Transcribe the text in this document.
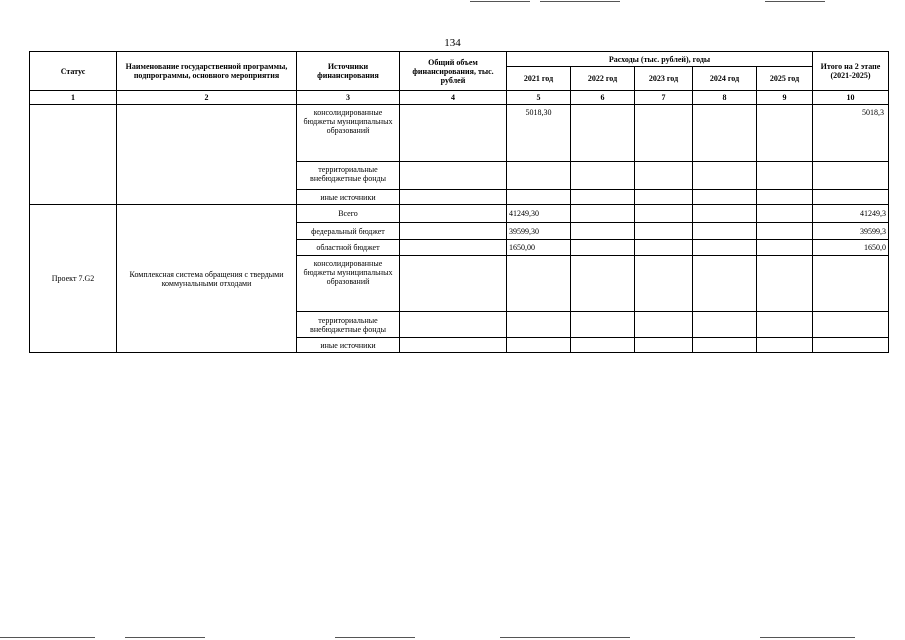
134
Статус	Наименование государственной программы, подпрограммы, основного мероприятия	Источники финансирования	Общий объем финансирования, тыс. рублей	Расходы (тыс. рублей), годы					Итого на 2 этапе (2021-2025)
				2021 год	2022 год	2023 год	2024 год	2025 год	
1	2	3	4	5	6	7	8	9	10
		консолидированные бюджеты муниципальных образований		5018,30					5018,3
		территориальные внебюджетные фонды							
		иные источники							
Проект 7.G2	Комплексная система обращения с твердыми коммунальными отходами	Всего		41249,30					41249,3
		федеральный бюджет		39599,30					39599,3
		областной бюджет		1650,00					1650,0
		консолидированные бюджеты муниципальных образований							
		территориальные внебюджетные фонды							
		иные источники							
